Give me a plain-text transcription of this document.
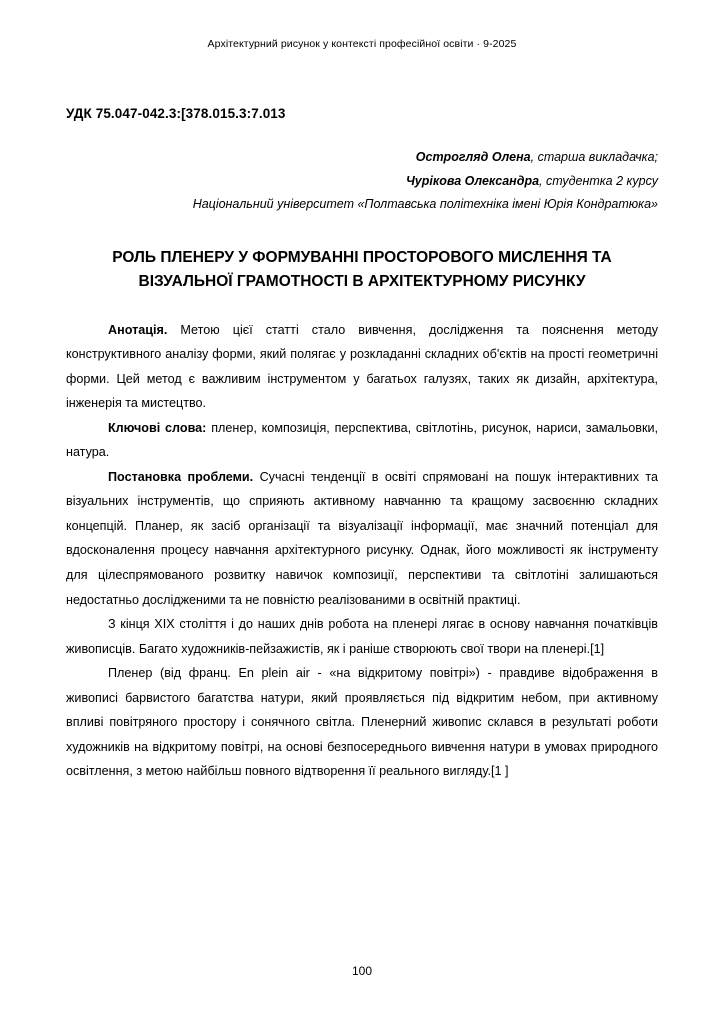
Архітектурний рисунок у контексті професійної освіти · 9-2025
УДК 75.047-042.3:[378.015.3:7.013
Острогляд Олена, старша викладачка;
Чурікова Олександра, студентка 2 курсу
Національний університет «Полтавська політехніка імені Юрія Кондратюка»
РОЛЬ ПЛЕНЕРУ У ФОРМУВАННІ ПРОСТОРОВОГО МИСЛЕННЯ ТА ВІЗУАЛЬНОЇ ГРАМОТНОСТІ В АРХІТЕКТУРНОМУ РИСУНКУ

Анотація. Метою цієї статті стало вивчення, дослідження та пояснення методу конструктивного аналізу форми, який полягає у розкладанні складних об'єктів на прості геометричні форми. Цей метод є важливим інструментом у багатьох галузях, таких як дизайн, архітектура, інженерія та мистецтво.

Ключові слова: пленер, композиція, перспектива, світлотінь, рисунок, нариси, замальовки, натура.

Постановка проблеми. Сучасні тенденції в освіті спрямовані на пошук інтерактивних та візуальних інструментів, що сприяють активному навчанню та кращому засвоєнню складних концепцій. Планер, як засіб організації та візуалізації інформації, має значний потенціал для вдосконалення процесу навчання архітектурного рисунку. Однак, його можливості як інструменту для цілеспрямованого розвитку навичок композиції, перспективи та світлотіні залишаються недостатньо дослідженими та не повністю реалізованими в освітній практиці.

З кінця XIX століття і до наших днів робота на пленері лягає в основу навчання початківців живописців. Багато художників-пейзажистів, як і раніше створюють свої твори на пленері.[1]

Пленер (від франц. En plein air - «на відкритому повітрі») - правдиве відображення в живописі барвистого багатства натури, який проявляється під відкритим небом, при активному впливі повітряного простору і сонячного світла. Пленерний живопис склався в результаті роботи художників на відкритому повітрі, на основі безпосереднього вивчення натури в умовах природного освітлення, з метою найбільш повного відтворення її реального вигляду.[1 ]

100
